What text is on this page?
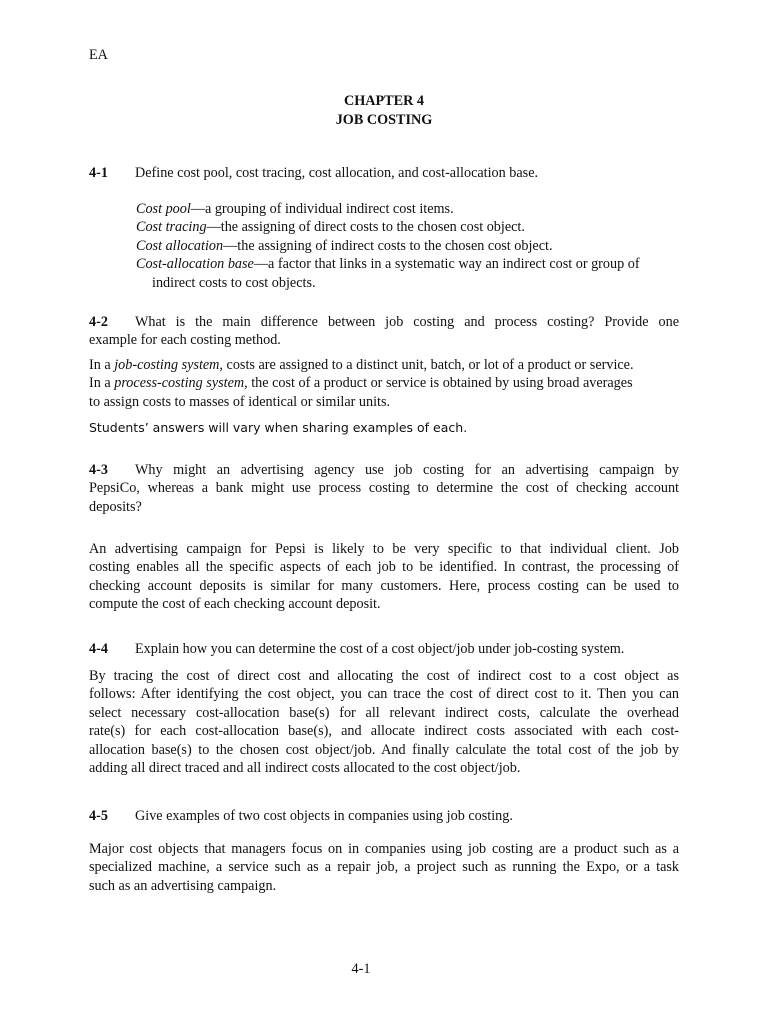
EA
CHAPTER 4
JOB COSTING
4-1 Define cost pool, cost tracing, cost allocation, and cost-allocation base.
Cost pool—a grouping of individual indirect cost items.
Cost tracing—the assigning of direct costs to the chosen cost object.
Cost allocation—the assigning of indirect costs to the chosen cost object.
Cost-allocation base—a factor that links in a systematic way an indirect cost or group of
indirect costs to cost objects.
4-2 What is the main difference between job costing and process costing? Provide one
example for each costing method.
In a job-costing system, costs are assigned to a distinct unit, batch, or lot of a product or service.
In a process-costing system, the cost of a product or service is obtained by using broad averages
to assign costs to masses of identical or similar units.
Students’ answers will vary when sharing examples of each.
4-3 Why might an advertising agency use job costing for an advertising campaign by
PepsiCo, whereas a bank might use process costing to determine the cost of checking account
deposits?
An advertising campaign for Pepsi is likely to be very specific to that individual client. Job
costing enables all the specific aspects of each job to be identified. In contrast, the processing of
checking account deposits is similar for many customers. Here, process costing can be used to
compute the cost of each checking account deposit.
4-4 Explain how you can determine the cost of a cost object/job under job-costing system.
By tracing the cost of direct cost and allocating the cost of indirect cost to a cost object as
follows: After identifying the cost object, you can trace the cost of direct cost to it. Then you can
select necessary cost-allocation base(s) for all relevant indirect costs, calculate the overhead
rate(s) for each cost-allocation base(s), and allocate indirect costs associated with each cost-
allocation base(s) to the chosen cost object/job. And finally calculate the total cost of the job by
adding all direct traced and all indirect costs allocated to the cost object/job.
4-5 Give examples of two cost objects in companies using job costing.
Major cost objects that managers focus on in companies using job costing are a product such as a
specialized machine, a service such as a repair job, a project such as running the Expo, or a task
such as an advertising campaign.
4-1
